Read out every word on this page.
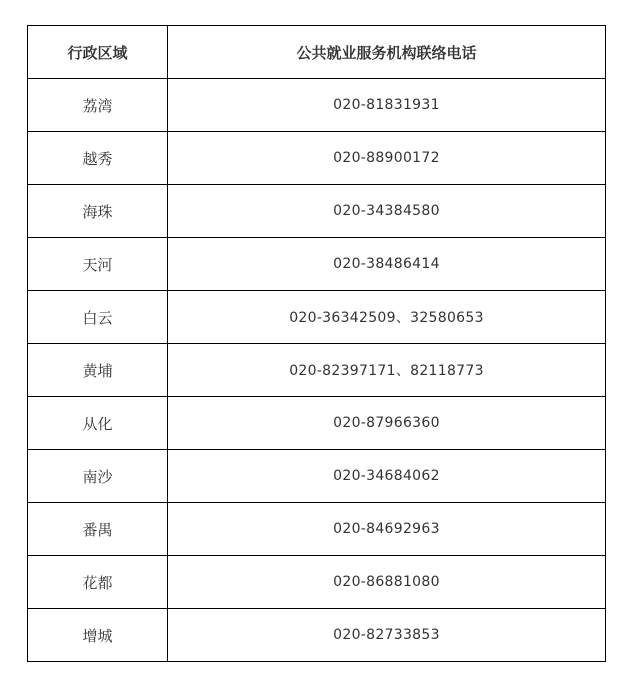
行政区域	公共就业服务机构联络电话
荔湾	020-81831931
越秀	020-88900172
海珠	020-34384580
天河	020-38486414
白云	020-36342509、32580653
黄埔	020-82397171、82118773
从化	020-87966360
南沙	020-34684062
番禺	020-84692963
花都	020-86881080
增城	020-82733853
